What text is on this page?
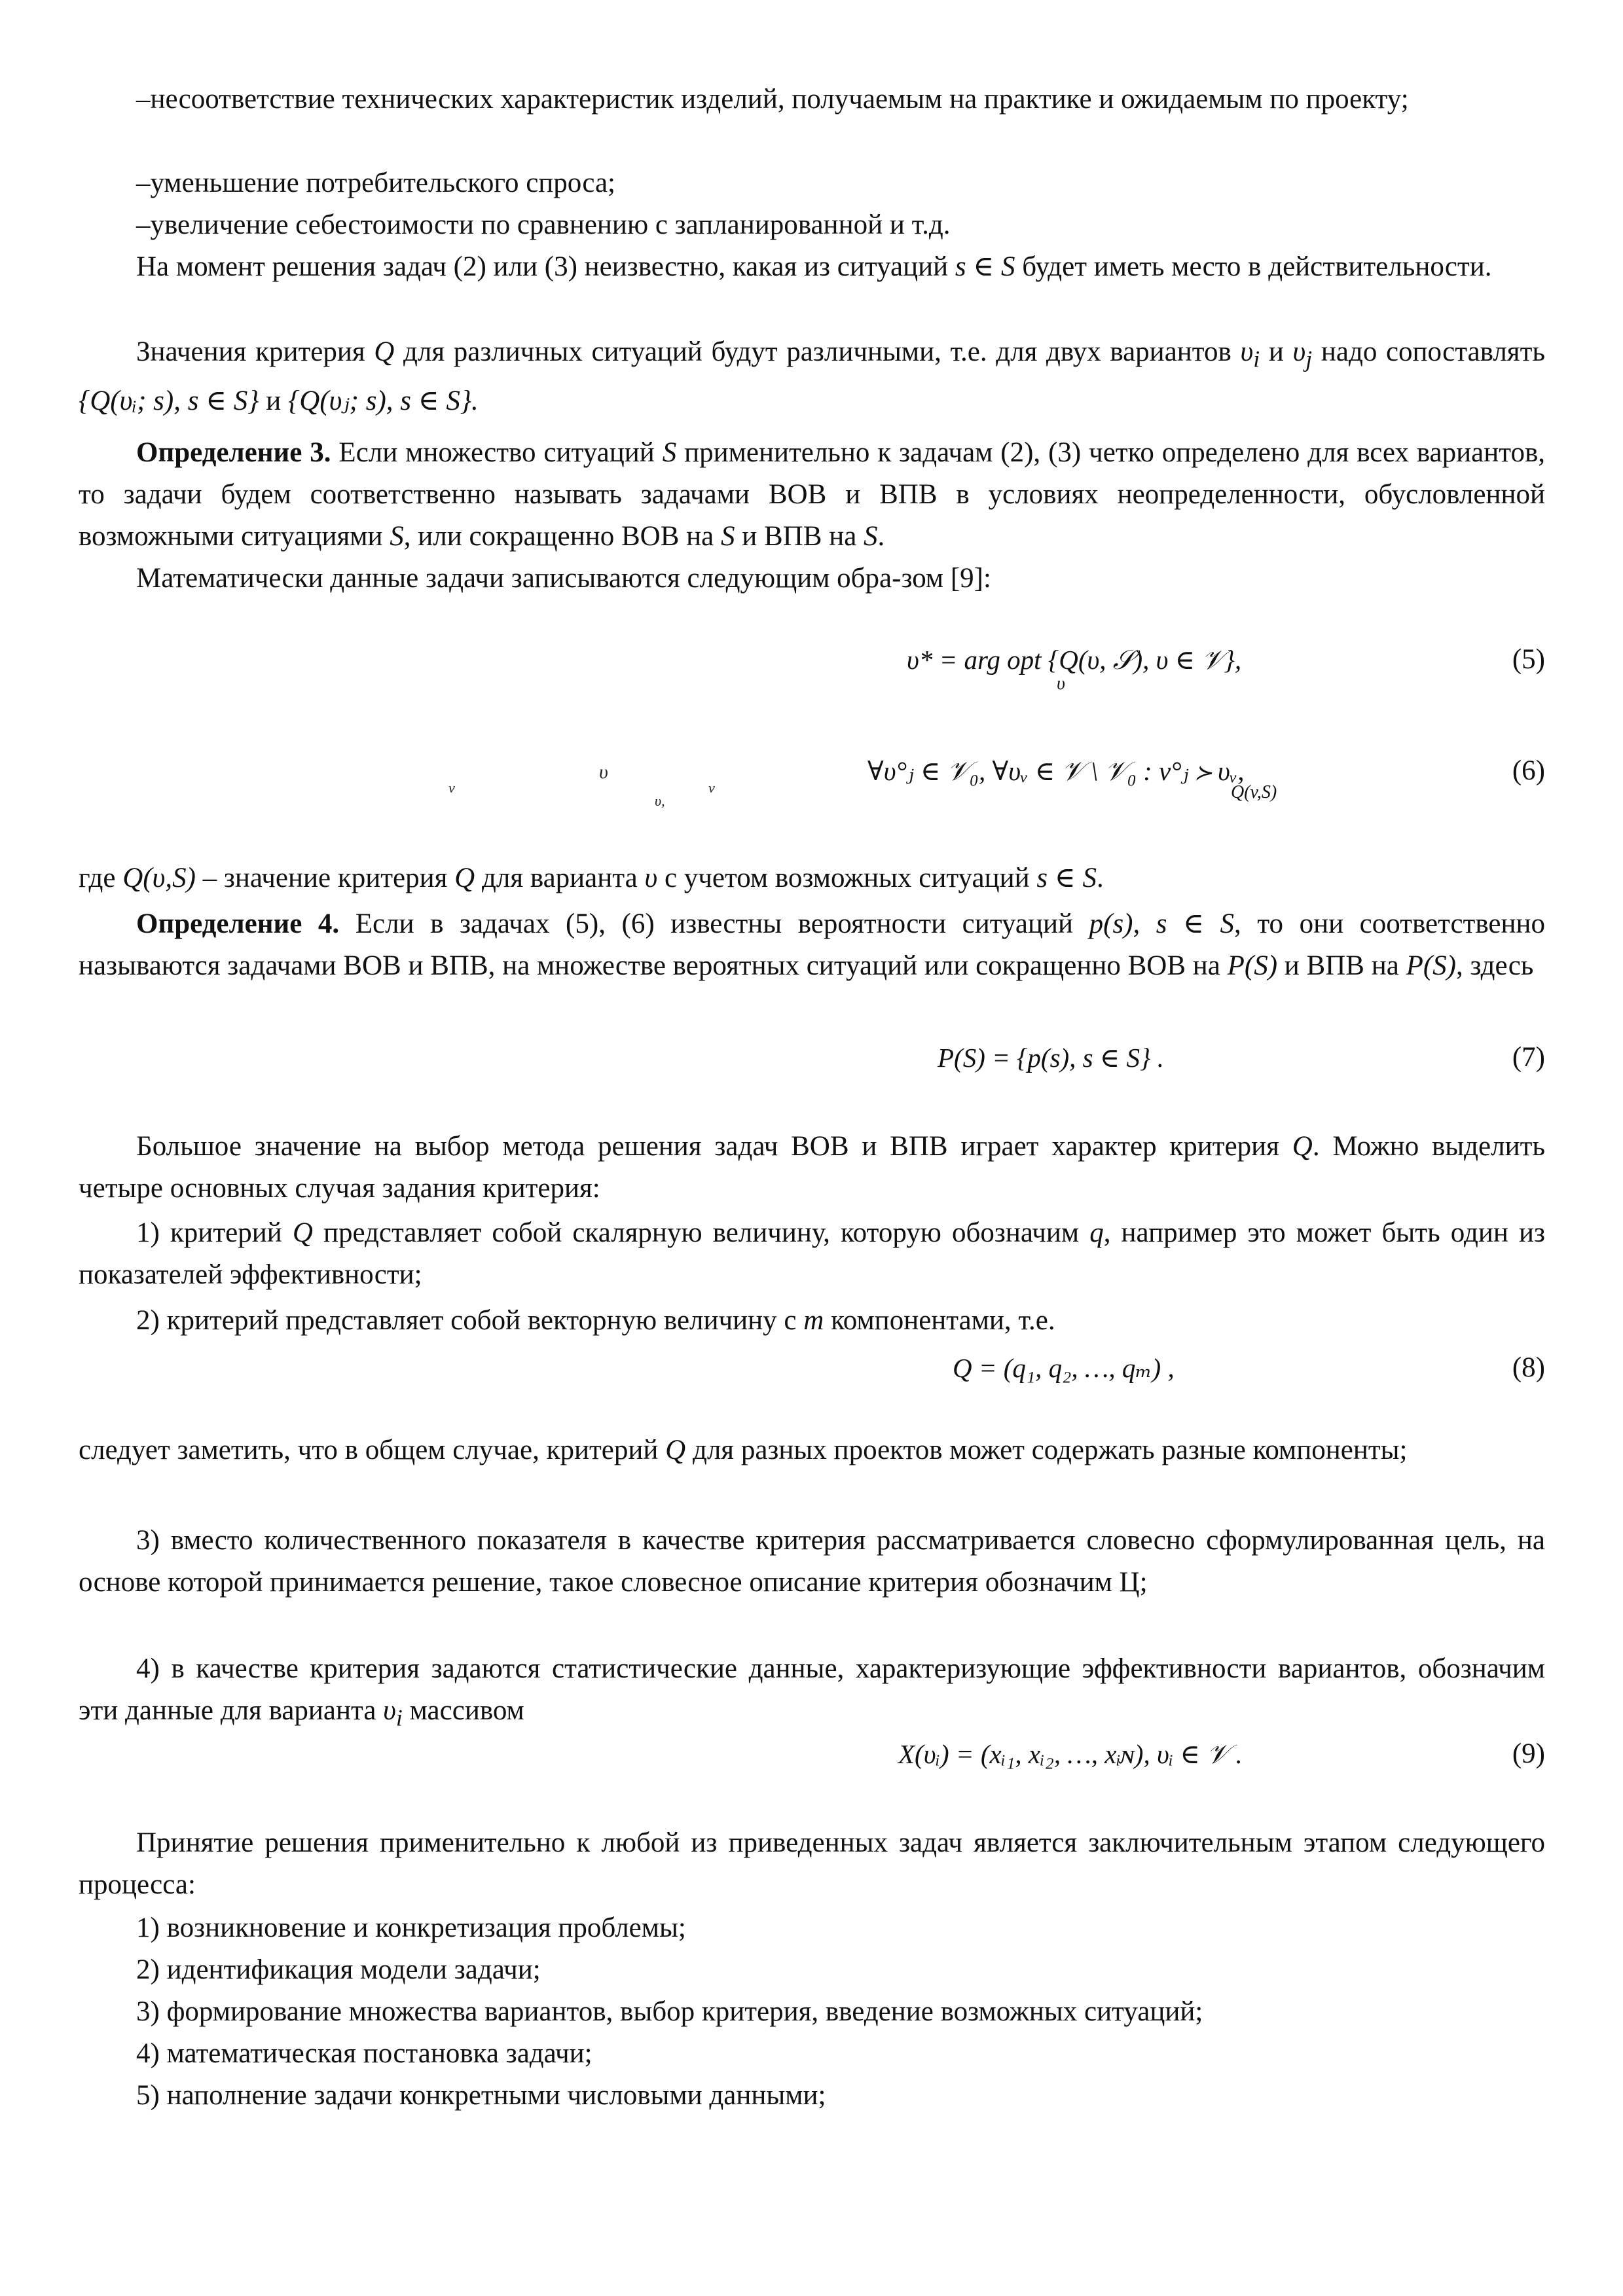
–несоответствие технических характеристик изделий, получаемым на практике и ожидаемым по проекту;

–уменьшение потребительского спроса;

–увеличение себестоимости по сравнению с запланированной и т.д.

На момент решения задач (2) или (3) неизвестно, какая из ситуаций s ∈ S будет иметь место в действительности.

Значения критерия Q для различных ситуаций будут различными, т.е. для двух вариантов $\upsilon_i$ и $\upsilon_j$ надо сопоставлять {Q(υᵢ; s), s ∈ S} и {Q(υⱼ; s), s ∈ S}.

Определение 3. Если множество ситуаций S применительно к задачам (2), (3) четко определено для всех вариантов, то задачи будем соответственно называть задачами ВОВ и ВПВ в условиях неопределенности, обусловленной возможными ситуациями S, или сокращенно ВОВ на S и ВПВ на S.

Математически данные задачи записываются следующим обра-зом [9]:

υ* = arg opt {Q(υ, 𝒮), υ ∈ 𝒱},
υ
(5)
v
υ
υ,
v
∀υ°ⱼ ∈ 𝒱₀, ∀υᵥ ∈ 𝒱 \ 𝒱₀ : v°ⱼ ≻ υᵥ,
Q(v,S)
(6)

где Q(υ,S) – значение критерия Q для варианта υ с учетом возможных ситуаций s ∈ S.

Определение 4. Если в задачах (5), (6) известны вероятности ситуаций p(s), s ∈ S, то они соответственно называются задачами ВОВ и ВПВ, на множестве вероятных ситуаций или сокращенно ВОВ на P(S) и ВПВ на P(S), здесь

P(S) = {p(s), s ∈ S} .	(7)

Большое значение на выбор метода решения задач ВОВ и ВПВ играет характер критерия Q. Можно выделить четыре основных случая задания критерия:

1) критерий Q представляет собой скалярную величину, которую обозначим q, например это может быть один из показателей эффективности;

2) критерий представляет собой векторную величину с m компонентами, т.е.

Q = (q₁, q₂, …, qₘ) ,	(8)

следует заметить, что в общем случае, критерий Q для разных проектов может содержать разные компоненты;

3) вместо количественного показателя в качестве критерия рассматривается словесно сформулированная цель, на основе которой принимается решение, такое словесное описание критерия обозначим Ц;

4) в качестве критерия задаются статистические данные, характеризующие эффективности вариантов, обозначим эти данные для варианта $\upsilon_i$ массивом

X(υᵢ) = (xᵢ₁, xᵢ₂, …, xᵢɴ), υᵢ ∈ 𝒱 .	(9)

Принятие решения применительно к любой из приведенных задач является заключительным этапом следующего процесса:

1) возникновение и конкретизация проблемы;

2) идентификация модели задачи;

3) формирование множества вариантов, выбор критерия, введение возможных ситуаций;

4) математическая постановка задачи;

5) наполнение задачи конкретными числовыми данными;
